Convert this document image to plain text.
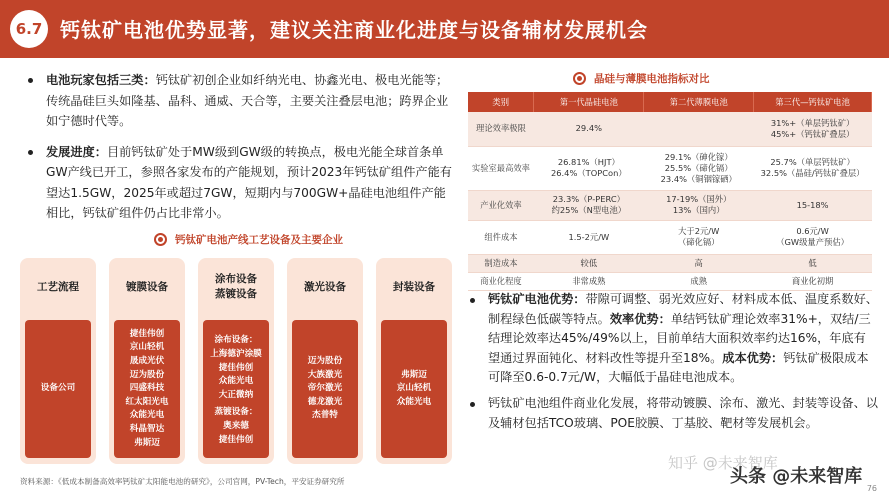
6.7 钙钛矿电池优势显著，建议关注商业化进度与设备辅材发展机会
电池玩家包括三类：钙钛矿初创企业如纤纳光电、协鑫光电、极电光能等；传统晶硅巨头如隆基、晶科、通威、天合等，主要关注叠层电池；跨界企业如宁德时代等。
发展进度：目前钙钛矿处于MW级到GW级的转换点，极电光能全球首条单GW产线已开工，参照各家发布的产能规划，预计2023年钙钛矿组件产能有望达1.5GW，2025年或超过7GW，短期内与700GW+晶硅电池组件产能相比，钙钛矿组件仍占比非常小。
钙钛矿电池产线工艺设备及主要企业
工艺流程
设备公司
镀膜设备
捷佳伟创
京山轻机
晟成光伏
迈为股份
四盛科技
红太阳光电
众能光电
科晶智达
弗斯迈
涂布设备
蒸镀设备
涂布设备：
上海德沪涂膜
捷佳伟创
众能光电
大正微纳
蒸镀设备：
奥来德
捷佳伟创
激光设备
迈为股份
大族激光
帝尔激光
德龙激光
杰普特
封装设备
弗斯迈
京山轻机
众能光电
晶硅与薄膜电池指标对比
类别	第一代晶硅电池	第二代薄膜电池	第三代—钙钛矿电池
理论效率极限	29.4%		31%+（单层钙钛矿）
45%+（钙钛矿叠层）
实验室最高效率	26.81%（HJT）
26.4%（TOPCon）	29.1%（砷化镓）
25.5%（碲化镉）
23.4%（铜铟镓硒）	25.7%（单层钙钛矿）
32.5%（晶硅/钙钛矿叠层）
产业化效率	23.3%（P-PERC）
约25%（N型电池）	17-19%（国外）
13%（国内）	15-18%
组件成本	1.5-2元/W	大于2元/W
（碲化镉）	0.6元/W
（GW级量产预估）
制造成本	较低	高	低
商业化程度	非常成熟	成熟	商业化初期
钙钛矿电池优势：带隙可调整、弱光效应好、材料成本低、温度系数好、制程绿色低碳等特点。效率优势：单结钙钛矿理论效率31%+，双结/三结理论效率达45%/49%以上，目前单结大面积效率约达16%，年底有望通过界面钝化、材料改性等提升至18%。成本优势：钙钛矿极限成本可降至0.6-0.7元/W，大幅低于晶硅电池成本。
钙钛矿电池组件商业化发展，将带动镀膜、涂布、激光、封装等设备、以及辅材包括TCO玻璃、POE胶膜、丁基胶、靶材等发展机会。
资料来源：《低成本制备高效率钙钛矿太阳能电池的研究》，公司官网，PV-Tech，平安证券研究所
76
知乎 @未来智库
头条 @未来智库
